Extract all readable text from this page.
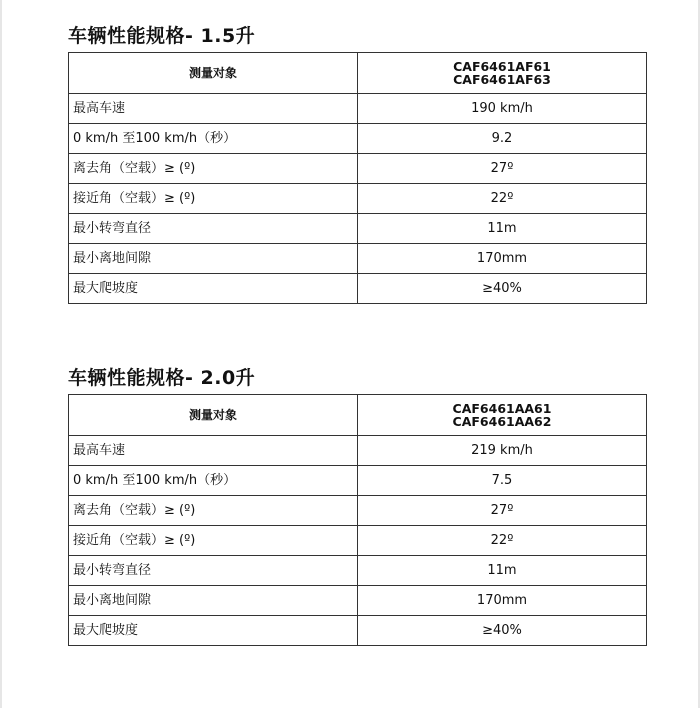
车辆性能规格- 1.5升
测量对象	CAF6461AF61
CAF6461AF63

最高车速	190 km/h
0 km/h 至100 km/h（秒）	9.2
离去角（空载）≥ (º)	27º
接近角（空载）≥ (º)	22º
最小转弯直径	11m
最小离地间隙	170mm
最大爬坡度	≥40%
车辆性能规格- 2.0升
测量对象	CAF6461AA61
CAF6461AA62

最高车速	219 km/h
0 km/h 至100 km/h（秒）	7.5
离去角（空载）≥ (º)	27º
接近角（空载）≥ (º)	22º
最小转弯直径	11m
最小离地间隙	170mm
最大爬坡度	≥40%
